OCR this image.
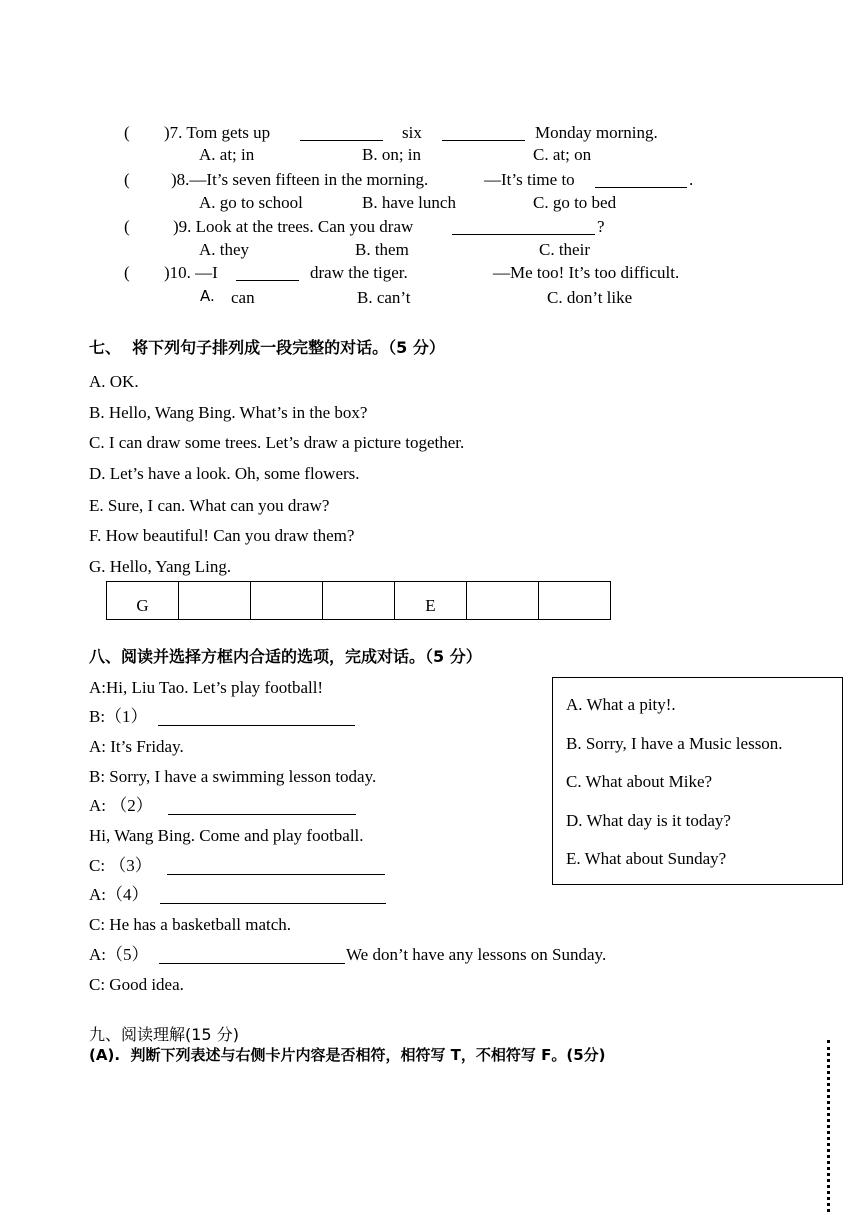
( )7. Tom gets up	six	Monday morning.
A. at; in	B. on; in	C. at; on
( )8.—It’s seven fifteen in the morning.	—It’s time to	.
A. go to school	B. have lunch	C. go to bed
(	)9. Look at the trees. Can you draw	?
A. they	B. them	C. their
( )10. —I	draw the tiger.	—Me too! It’s too difficult.
A. can	B. can’t	C. don’t like
七、  将下列句子排列成一段完整的对话。（5 分）
A. OK.
B. Hello, Wang Bing. What’s in the box?
C. I can draw some trees. Let’s draw a picture together.
D. Let’s have a look. Oh, some flowers.
E. Sure, I can. What can you draw?
F. How beautiful! Can you draw them?
G. Hello, Yang Ling.
G				E		
八、阅读并选择方框内合适的选项，完成对话。（5 分）
A:Hi, Liu Tao. Let’s play football!
B:（1）
A: It’s Friday.
B: Sorry, I have a swimming lesson today.
A: （2）
Hi, Wang Bing. Come and play football.
C: （3）
A:（4）
C: He has a basketball match.
A:（5）	We don’t have any lessons on Sunday.
C: Good idea.
A. What a pity!.
B. Sorry, I have a Music lesson.
C. What about Mike?
D. What day is it today?
E. What about Sunday?
九、阅读理解(15 分)
(A).  判断下列表述与右侧卡片内容是否相符，相符写 T，不相符写 F。(5分)
